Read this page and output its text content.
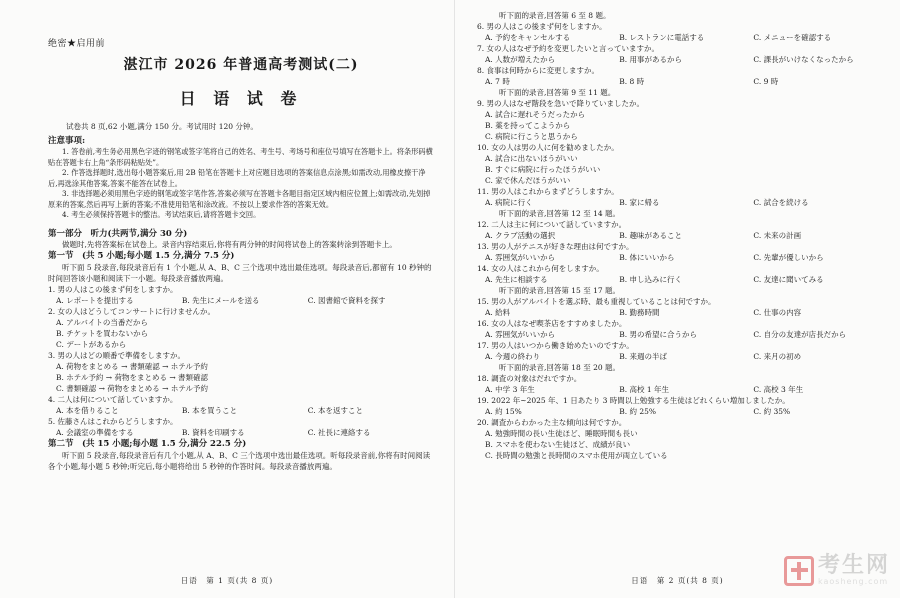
绝密★启用前
湛江市 2026 年普通高考测试(二)
日 语 试 卷
试卷共 8 页,62 小题,满分 150 分。考试用时 120 分钟。
注意事项:

1. 答卷前,考生务必用黑色字迹的钢笔或签字笔将自己的姓名、考生号、考场号和座位号填写在答题卡上。将条形码横贴在答题卡右上角“条形码粘贴处”。

2. 作答选择题时,选出每小题答案后,用 2B 铅笔在答题卡上对应题目选项的答案信息点涂黑;如需改动,用橡皮擦干净后,再选涂其他答案,答案不能答在试卷上。

3. 非选择题必须用黑色字迹的钢笔或签字笔作答,答案必须写在答题卡各题目指定区域内相应位置上;如需改动,先划掉原来的答案,然后再写上新的答案;不准使用铅笔和涂改液。不按以上要求作答的答案无效。

4. 考生必须保持答题卡的整洁。考试结束后,请将答题卡交回。

第一部分　听力(共两节,满分 30 分)

做题时,先将答案标在试卷上。录音内容结束后,你将有两分钟的时间将试卷上的答案转涂到答题卡上。

第一节　(共 5 小题;每小题 1.5 分,满分 7.5 分)

听下面 5 段录音,每段录音后有 1 个小题,从 A、B、C 三个选项中选出最佳选项。每段录音后,都留有 10 秒钟的时间回答该小题和阅读下一小题。每段录音播放两遍。

1. 男の人はこの後まず何をしますか。

A. レポートを提出する	B. 先生にメールを送る	C. 図書館で資料を探す

2. 女の人はどうしてコンサートに行けませんか。

A. アルバイトの当番だから
B. チケットを買わないから
C. デートがあるから

3. 男の人はどの順番で準備をしますか。

A. 荷物をまとめる → 書類確認 → ホテル予約
B. ホテル予約 → 荷物をまとめる → 書類確認
C. 書類確認 → 荷物をまとめる → ホテル予約

4. 二人は何について話していますか。

A. 本を借りること	B. 本を買うこと	C. 本を返すこと

5. 佐藤さんはこれからどうしますか。

A. 会議室の準備をする	B. 資料を印刷する	C. 社長に連絡する
第二节　(共 15 小题;每小题 1.5 分,满分 22.5 分)

听下面 5 段录音,每段录音后有几个小题,从 A、B、C 三个选项中选出最佳选项。听每段录音前,你将有时间阅读各个小题,每小题 5 秒钟;听完后,每小题将给出 5 秒钟的作答时间。每段录音播放两遍。

日语　第 1 页(共 8 页)

听下面的录音,回答第 6 至 8 题。

6. 男の人はこの後まず何をしますか。

A. 予約をキャンセルする	B. レストランに電話する	C. メニューを確認する

7. 女の人はなぜ予約を変更したいと言っていますか。

A. 人数が増えたから	B. 用事があるから	C. 課長がいけなくなったから

8. 食事は何時からに変更しますか。

A. 7 時	B. 8 時	C. 9 時

听下面的录音,回答第 9 至 11 题。

9. 男の人はなぜ階段を急いで降りていましたか。

A. 試合に遅れそうだったから
B. 薬を持ってこようから
C. 病院に行こうと思うから

10. 女の人は男の人に何を勧めましたか。

A. 試合に出ないほうがいい
B. すぐに病院に行ったほうがいい
C. 家で休んだほうがいい

11. 男の人はこれからまずどうしますか。

A. 病院に行く	B. 家に帰る	C. 試合を続ける

听下面的录音,回答第 12 至 14 题。

12. 二人は主に何について話していますか。

A. クラブ活動の選択	B. 趣味があること	C. 未来の計画

13. 男の人がテニスが好きな理由は何ですか。

A. 雰囲気がいいから	B. 体にいいから	C. 先輩が優しいから

14. 女の人はこれから何をしますか。

A. 先生に相談する	B. 申し込みに行く	C. 友達に聞いてみる

听下面的录音,回答第 15 至 17 题。

15. 男の人がアルバイトを選ぶ時、最も重視していることは何ですか。

A. 給料	B. 勤務時間	C. 仕事の内容

16. 女の人はなぜ喫茶店をすすめましたか。

A. 雰囲気がいいから	B. 男の希望に合うから	C. 自分の友達が店長だから

17. 男の人はいつから働き始めたいのですか。

A. 今週の終わり	B. 来週の半ば	C. 来月の初め

听下面的录音,回答第 18 至 20 题。

18. 調査の対象はだれですか。

A. 中学 3 年生	B. 高校 1 年生	C. 高校 3 年生

19. 2022 年~2025 年、1 日あたり 3 時間以上勉強する生徒はどれくらい増加しましたか。

A. 約 15%	B. 約 25%	C. 約 35%

20. 調査からわかった主な傾向は何ですか。

A. 勉強時間の長い生徒ほど、睡眠時間も長い
B. スマホを使わない生徒ほど、成績が良い
C. 長時間の勉強と長時間のスマホ使用が両立している
日语　第 2 页(共 8 页)
考生网
kaosheng.com
